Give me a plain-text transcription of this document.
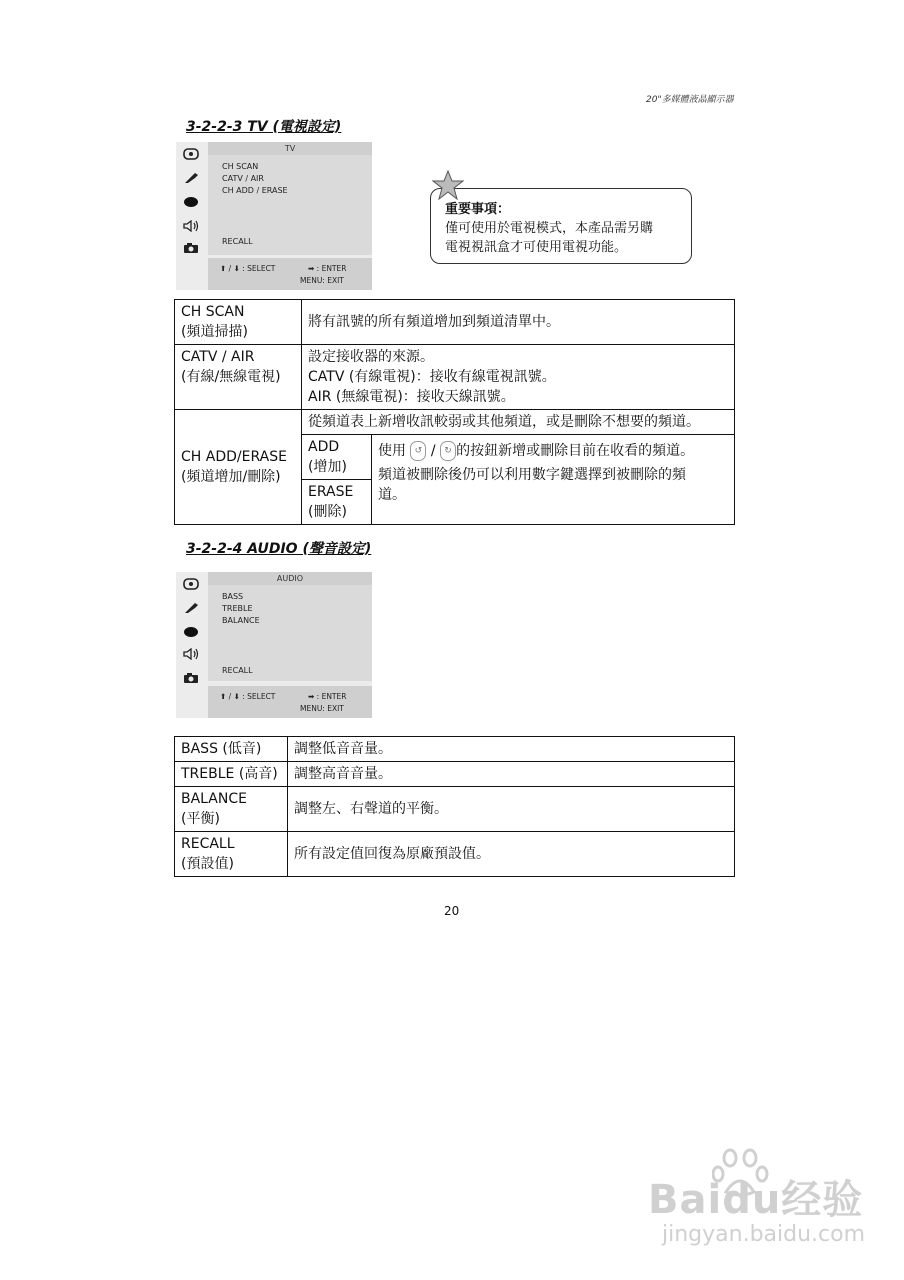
20"多媒體液晶顯示器
3-2-2-3 TV (電視設定)
TV
CH SCAN
CATV / AIR
CH ADD / ERASE
RECALL
⬆ / ⬇ : SELECT	➡ : ENTER
MENU: EXIT
重要事項：
僅可使用於電視模式，本產品需另購
電視視訊盒才可使用電視功能。
CH SCAN
(頻道掃描)	將有訊號的所有頻道增加到頻道清單中。	

CATV / AIR
(有線/無線電視)	設定接收器的來源。
CATV (有線電視)：接收有線電視訊號。
AIR (無線電視)：接收天線訊號。	

CH ADD/ERASE
(頻道增加/刪除)	從頻道表上新增收訊較弱或其他頻道，或是刪除不想要的頻道。	

	ADD
(增加)	使用 ↺ / ↻ 的按鈕新增或刪除目前在收看的頻道。
頻道被刪除後仍可以利用數字鍵選擇到被刪除的頻
道。

	ERASE
(刪除)	
3-2-2-4 AUDIO (聲音設定)
AUDIO
BASS
TREBLE
BALANCE
RECALL
⬆ / ⬇ : SELECT	➡ : ENTER
MENU: EXIT
BASS (低音)	調整低音音量。
TREBLE (高音)	調整高音音量。

BALANCE
(平衡)	調整左、右聲道的平衡。

RECALL
(預設值)	所有設定值回復為原廠預設值。
20
Baidu经验
jingyan.baidu.com
